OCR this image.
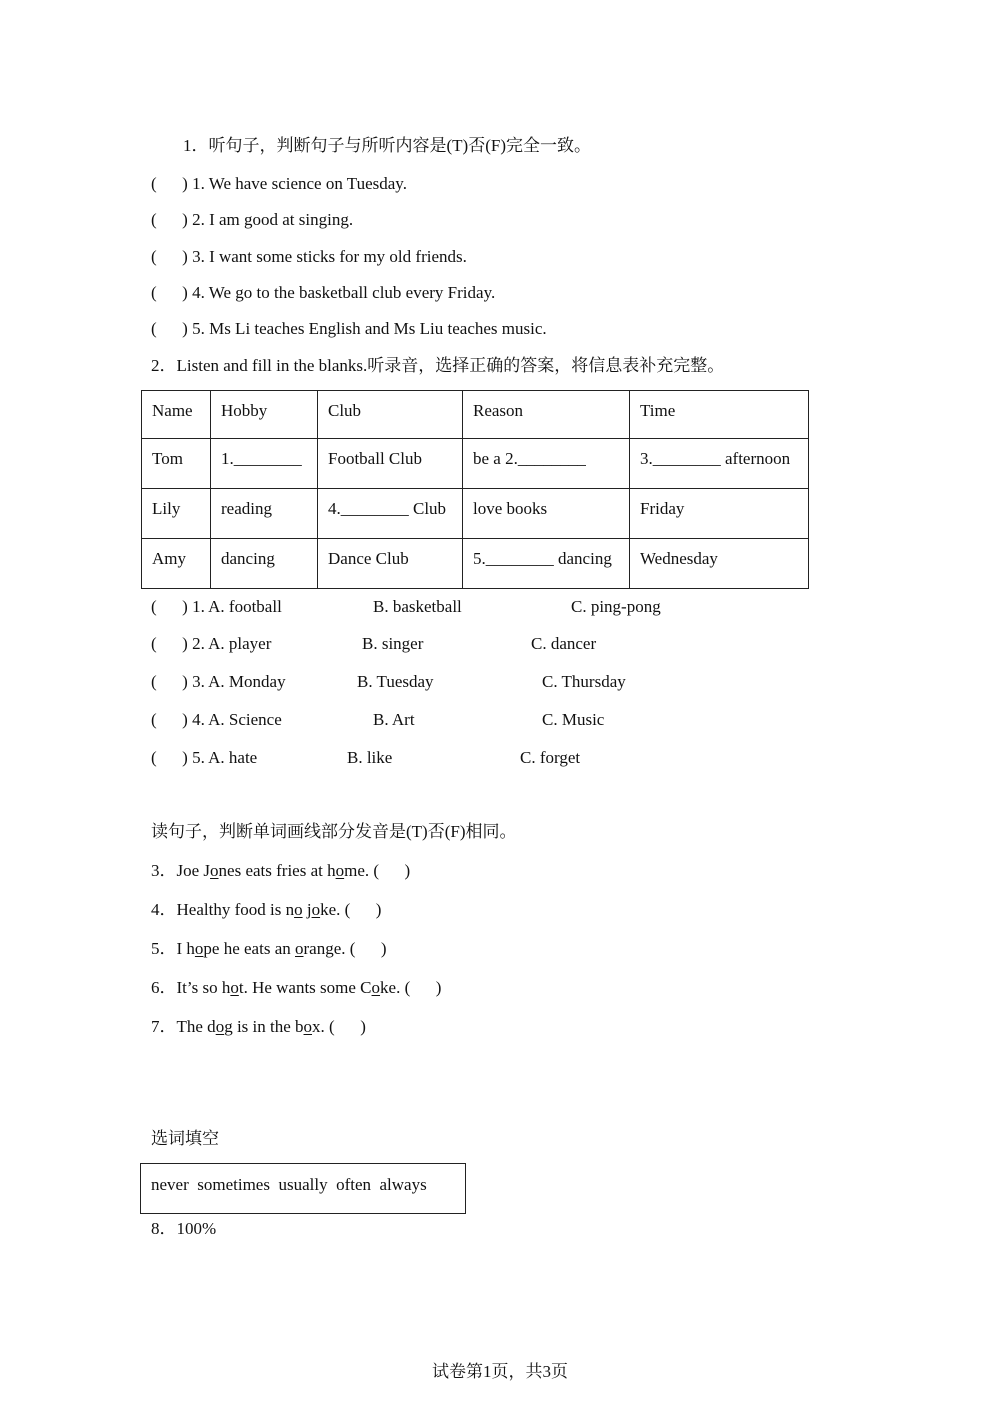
1．听句子，判断句子与所听内容是(T)否(F)完全一致。
(      ) 1. We have science on Tuesday.
(      ) 2. I am good at singing.
(      ) 3. I want some sticks for my old friends.
(      ) 4. We go to the basketball club every Friday.
(      ) 5. Ms Li teaches English and Ms Liu teaches music.
2．Listen and fill in the blanks.听录音，选择正确的答案，将信息表补充完整。
Name	Hobby	Club	Reason	Time
Tom	1.________	Football Club	be a 2.________	3.________ afternoon
Lily	reading	4.________ Club	love books	Friday
Amy	dancing	Dance Club	5.________ dancing	Wednesday
(      ) 1. A. football	B. basketball	C. ping-pong
(      ) 2. A. player	B. singer	C. dancer
(      ) 3. A. Monday	B. Tuesday	C. Thursday
(      ) 4. A. Science	B. Art	C. Music
(      ) 5. A. hate	B. like	C. forget
读句子，判断单词画线部分发音是(T)否(F)相同。
3．Joe Jones eats fries at home. (      )
4．Healthy food is no joke. (      )
5．I hope he eats an orange. (      )
6．It’s so hot. He wants some Coke. (      )
7．The dog is in the box. (      )
选词填空
never  sometimes  usually  often  always
8．100%
试卷第1页，共3页
